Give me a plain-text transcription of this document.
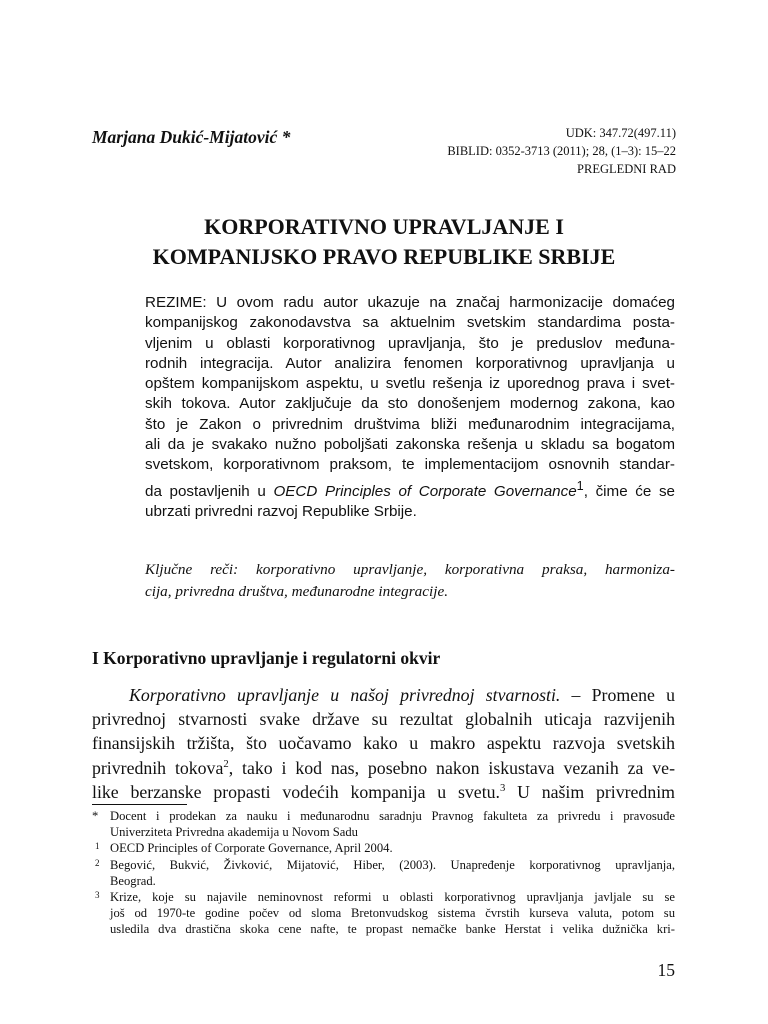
Marjana Dukić-Mijatović *	UDK: 347.72(497.11)
BIBLID: 0352-3713 (2011); 28, (1–3): 15–22
PREGLEDNI RAD
KORPORATIVNO UPRAVLJANJE I
KOMPANIJSKO PRAVO REPUBLIKE SRBIJE
REZIME: U ovom radu autor ukazuje na značaj harmonizacije domaćeg
kompanijskog zakonodavstva sa aktuelnim svetskim standardima posta-
vljenim u oblasti korporativnog upravljanja, što je preduslov međuna-
rodnih integracija. Autor analizira fenomen korporativnog upravljanja u
opštem kompanijskom aspektu, u svetlu rešenja iz uporednog prava i svet-
skih tokova. Autor zaključuje da sto donošenjem modernog zakona, kao
što je Zakon o privrednim društvima bliži međunarodnim integracijama,
ali da je svakako nužno poboljšati zakonska rešenja u skladu sa bogatom
svetskom, korporativnom praksom, te implementacijom osnovnih standar-
da postavljenih u OECD Principles of Corporate Governance$^1$, čime će se
ubrzati privredni razvoj Republike Srbije.
Ključne reči: korporativno upravljanje, korporativna praksa, harmoniza-
cija, privredna društva, međunarodne integracije.
I Korporativno upravljanje i regulatorni okvir
Korporativno upravljanje u našoj privrednoj stvarnosti. – Promene u
privrednoj stvarnosti svake države su rezultat globalnih uticaja razvijenih
finansijskih tržišta, što uočavamo kako u makro aspektu razvoja svetskih
privrednih tokova$^2$, tako i kod nas, posebno nakon iskustava vezanih za ve-
like berzanske propasti vodećih kompanija u svetu.$^3$ U našim privrednim
* Docent i prodekan za nauku i međunarodnu saradnju Pravnog fakulteta za privredu i pravosuđe
Univerziteta Privredna akademija u Novom Sadu
1 OECD Principles of Corporate Governance, April 2004.
2 Begović, Bukvić, Živković, Mijatović, Hiber, (2003). Unapređenje korporativnog upravljanja,
Beograd.
3 Krize, koje su najavile neminovnost reformi u oblasti korporativnog upravljanja javljale su se
još od 1970-te godine počev od sloma Bretonvudskog sistema čvrstih kurseva valuta, potom su
usledila dva drastična skoka cene nafte, te propast nemačke banke Herstat i velika dužnička kri-
15
